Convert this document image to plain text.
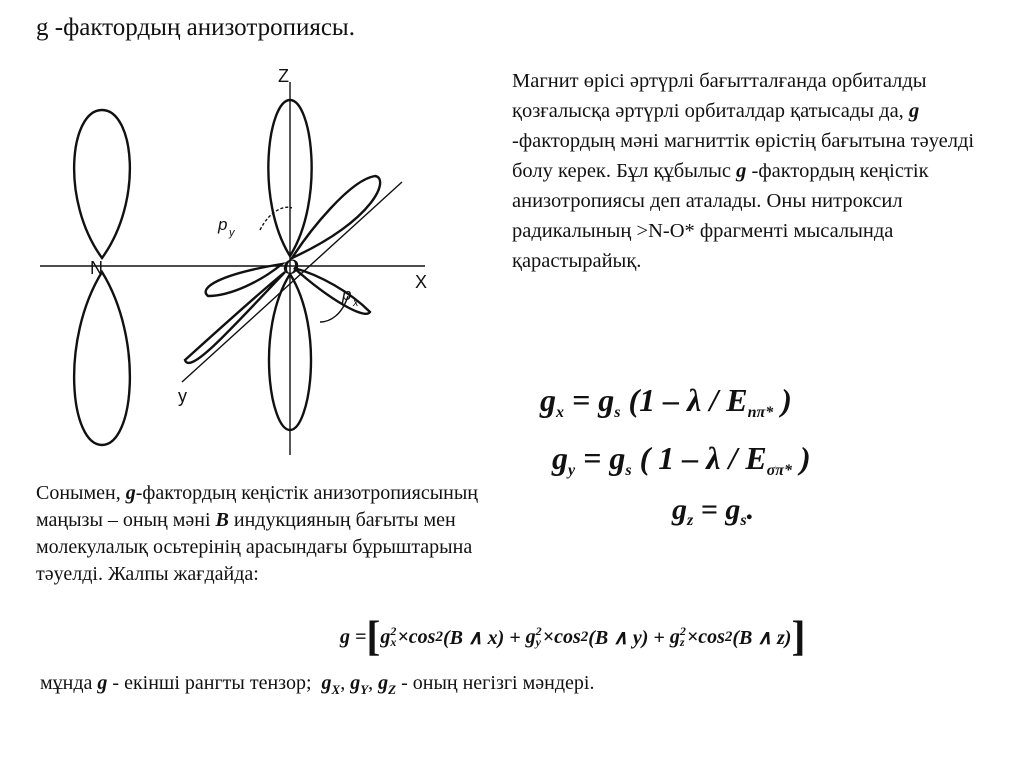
g -фактордың анизотропиясы.
Z
X
y
N	O
p y
p x
Магнит өрісі әртүрлі бағытталғанда орбиталды қозғалысқа әртүрлі орбиталдар қатысады да, g -фактордың мәні магниттік өрістің бағытына тәуелді болу керек. Бұл құбылыс g -фактордың кеңістік анизотропиясы деп аталады. Оны нитроксил радикалының >N-O* фрагменті мысалында қарастырайық.
$g_x = g_s$ (1 – λ / $E_{n\pi*}$ )
$g_y = g_s$ ( 1 – λ / $E_{\sigma\pi*}$ )
$g_z = g_s$.
Сонымен, g-фактордың кеңістік анизотропиясының маңызы – оның мәні B индукцияның бағыты мен молекулалық осьтерінің арасындағы бұрыштарына тәуелді. Жалпы жағдайда:
g = [ g 2
x ×cos 2 (B ∧ x) + g 2
y ×cos 2 (B ∧ y) + g 2
z ×cos 2 (B ∧ z) ]
мұнда g - екінші рангты тензор;  $g_X$, $g_Y$, $g_Z$ - оның негізгі мәндері.
